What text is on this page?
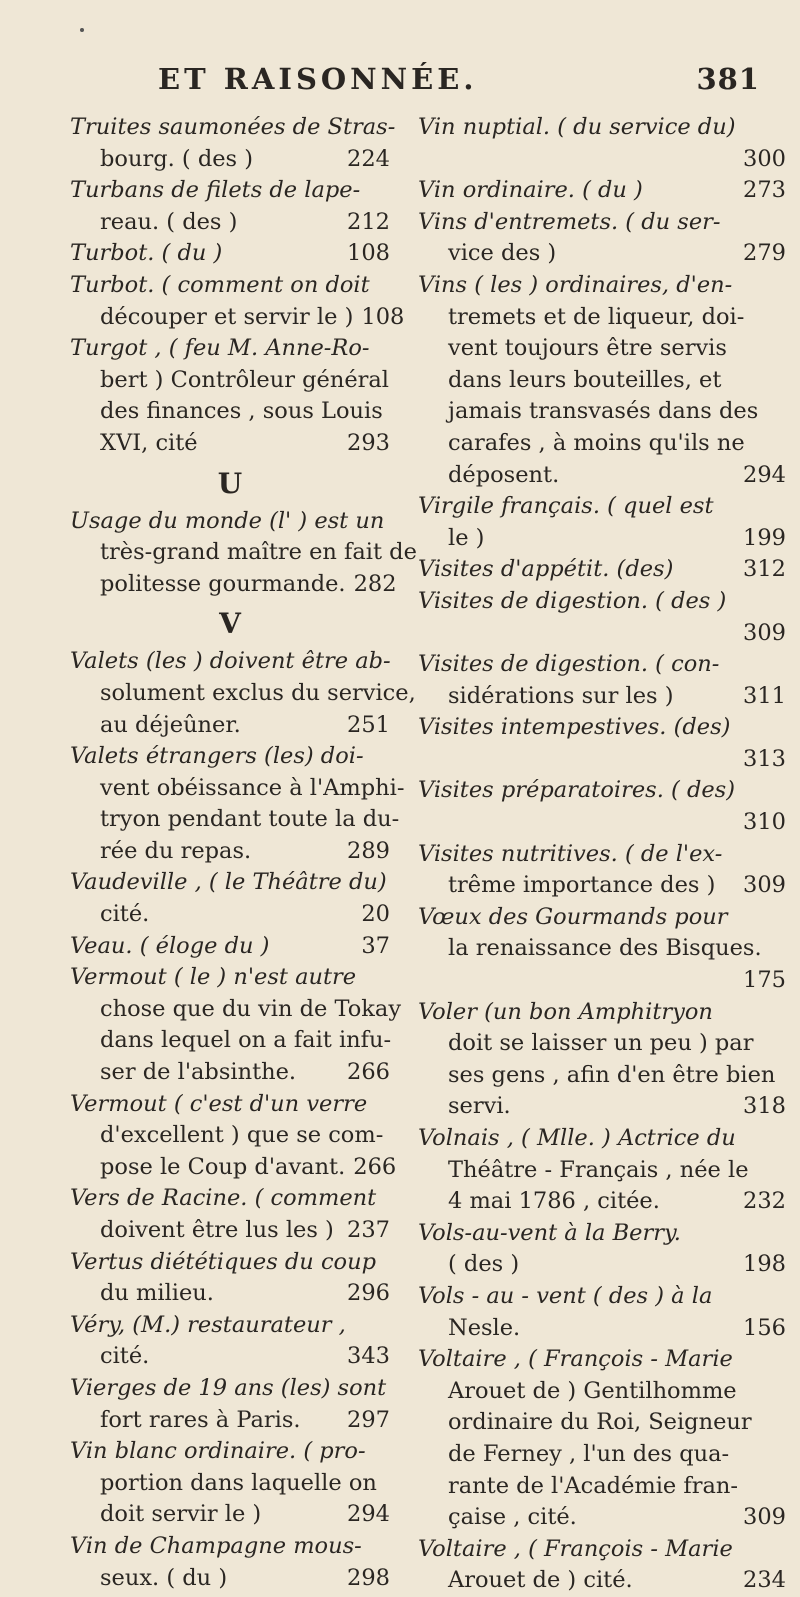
ET RAISONNÉE.	381
Truites saumonées de Stras-
bourg. ( des )	224
Turbans de filets de lape-
reau. ( des )	212
Turbot. ( du )	108
Turbot. ( comment on doit
découper et servir le ) 108
Turgot , ( feu M. Anne-Ro-
bert ) Contrôleur général
des finances , sous Louis
XVI, cité	293
U
Usage du monde (l' ) est un
très-grand maître en fait de
politesse gourmande. 282
V
Valets (les ) doivent être ab-
solument exclus du service,
au déjeûner.	251
Valets étrangers (les) doi-
vent obéissance à l'Amphi-
tryon pendant toute la du-
rée du repas.	289
Vaudeville , ( le Théâtre du)
cité.	20
Veau. ( éloge du )	37
Vermout ( le ) n'est autre
chose que du vin de Tokay
dans lequel on a fait infu-
ser de l'absinthe.	266
Vermout ( c'est d'un verre
d'excellent ) que se com-
pose le Coup d'avant. 266
Vers de Racine. ( comment
doivent être lus les ) 237
Vertus diététiques du coup
du milieu.	296
Véry, (M.) restaurateur ,
cité.	343
Vierges de 19 ans (les) sont
fort rares à Paris.	297
Vin blanc ordinaire. ( pro-
portion dans laquelle on
doit servir le )	294
Vin de Champagne mous-
seux. ( du )	298
Vin nuptial. ( du service du)
300
Vin ordinaire. ( du )	273
Vins d'entremets. ( du ser-
vice des )	279
Vins ( les ) ordinaires, d'en-
tremets et de liqueur, doi-
vent toujours être servis
dans leurs bouteilles, et
jamais transvasés dans des
carafes , à moins qu'ils ne
déposent.	294
Virgile français. ( quel est
le )	199
Visites d'appétit. (des)	312
Visites de digestion. ( des )
309
Visites de digestion. ( con-
sidérations sur les )	311
Visites intempestives. (des)
313
Visites préparatoires. ( des)
310
Visites nutritives. ( de l'ex-
trême importance des )	309
Vœux des Gourmands pour
la renaissance des Bisques.
175
Voler (un bon Amphitryon
doit se laisser un peu ) par
ses gens , afin d'en être bien
servi.	318
Volnais , ( Mlle. ) Actrice du
Théâtre - Français , née le
4 mai 1786 , citée.	232
Vols-au-vent à la Berry.
( des )	198
Vols - au - vent ( des ) à la
Nesle.	156
Voltaire , ( François - Marie
Arouet de ) Gentilhomme
ordinaire du Roi, Seigneur
de Ferney , l'un des qua-
rante de l'Académie fran-
çaise , cité.	309
Voltaire , ( François - Marie
Arouet de ) cité.	234
